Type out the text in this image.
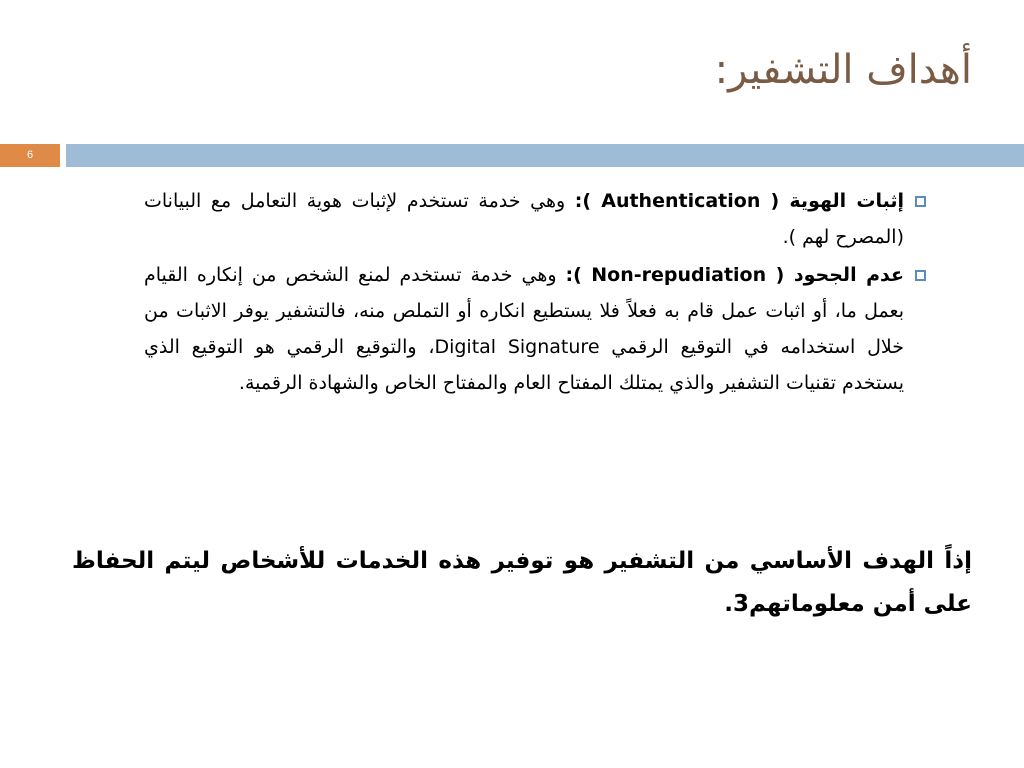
أهداف التشفير:
6
إثبات الهوية ( Authentication ): وهي خدمة تستخدم لإثبات هوية التعامل مع البيانات (المصرح لهم ).
عدم الجحود ( Non-repudiation ): وهي خدمة تستخدم لمنع الشخص من إنكاره القيام بعمل ما، أو اثبات عمل قام به فعلاً فلا يستطيع انكاره أو التملص منه، فالتشفير يوفر الاثبات من خلال استخدامه في التوقيع الرقمي Digital Signature، والتوقيع الرقمي هو التوقيع الذي يستخدم تقنيات التشفير والذي يمتلك المفتاح العام والمفتاح الخاص والشهادة الرقمية.
إذاً الهدف الأساسي من التشفير هو توفير هذه الخدمات للأشخاص ليتم الحفاظ على أمن معلوماتهم3.
